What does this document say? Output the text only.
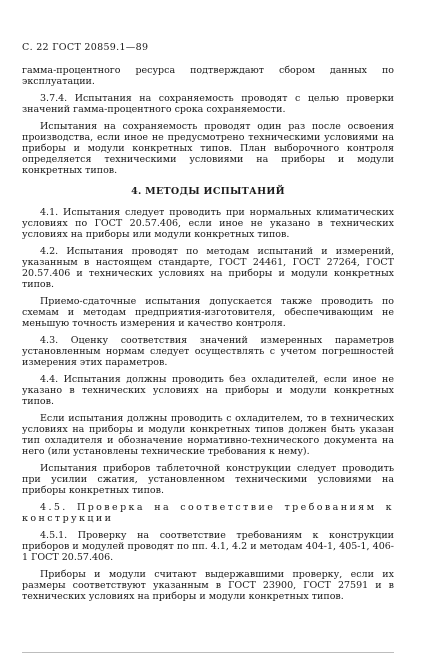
С. 22 ГОСТ 20859.1—89

гамма-процентного ресурса подтверждают сбором данных по эксплуатации.

3.7.4. Испытания на сохраняемость проводят с целью проверки значений гамма-процентного срока сохраняемости.

Испытания на сохраняемость проводят один раз после освоения производства, если иное не предусмотрено техническими условиями на приборы и модули конкретных типов. План выборочного контроля определяется техническими условиями на приборы и модули конкретных типов.

4. МЕТОДЫ ИСПЫТАНИЙ

4.1. Испытания следует проводить при нормальных климатических условиях по ГОСТ 20.57.406, если иное не указано в технических условиях на приборы или модули конкретных типов.

4.2. Испытания проводят по методам испытаний и измерений, указанным в настоящем стандарте, ГОСТ 24461, ГОСТ 27264, ГОСТ 20.57.406 и технических условиях на приборы и модули конкретных типов.

Приемо-сдаточные испытания допускается также проводить по схемам и методам предприятия-изготовителя, обеспечивающим не меньшую точность измерения и качество контроля.

4.3. Оценку соответствия значений измеренных параметров установленным нормам следует осуществлять с учетом погрешностей измерения этих параметров.

4.4. Испытания должны проводить без охладителей, если иное не указано в технических условиях на приборы и модули конкретных типов.

Если испытания должны проводить с охладителем, то в технических условиях на приборы и модули конкретных типов должен быть указан тип охладителя и обозначение нормативно-технического документа на него (или установлены технические требования к нему).

Испытания приборов таблеточной конструкции следует проводить при усилии сжатия, установленном техническими условиями на приборы конкретных типов.

4.5. Проверка на соответствие требованиям к конструкции

4.5.1. Проверку на соответствие требованиям к конструкции приборов и модулей проводят по пп. 4.1, 4.2 и методам 404-1, 405-1, 406-1 ГОСТ 20.57.406.

Приборы и модули считают выдержавшими проверку, если их размеры соответствуют указанным в ГОСТ 23900, ГОСТ 27591 и в технических условиях на приборы и модули конкретных типов.
